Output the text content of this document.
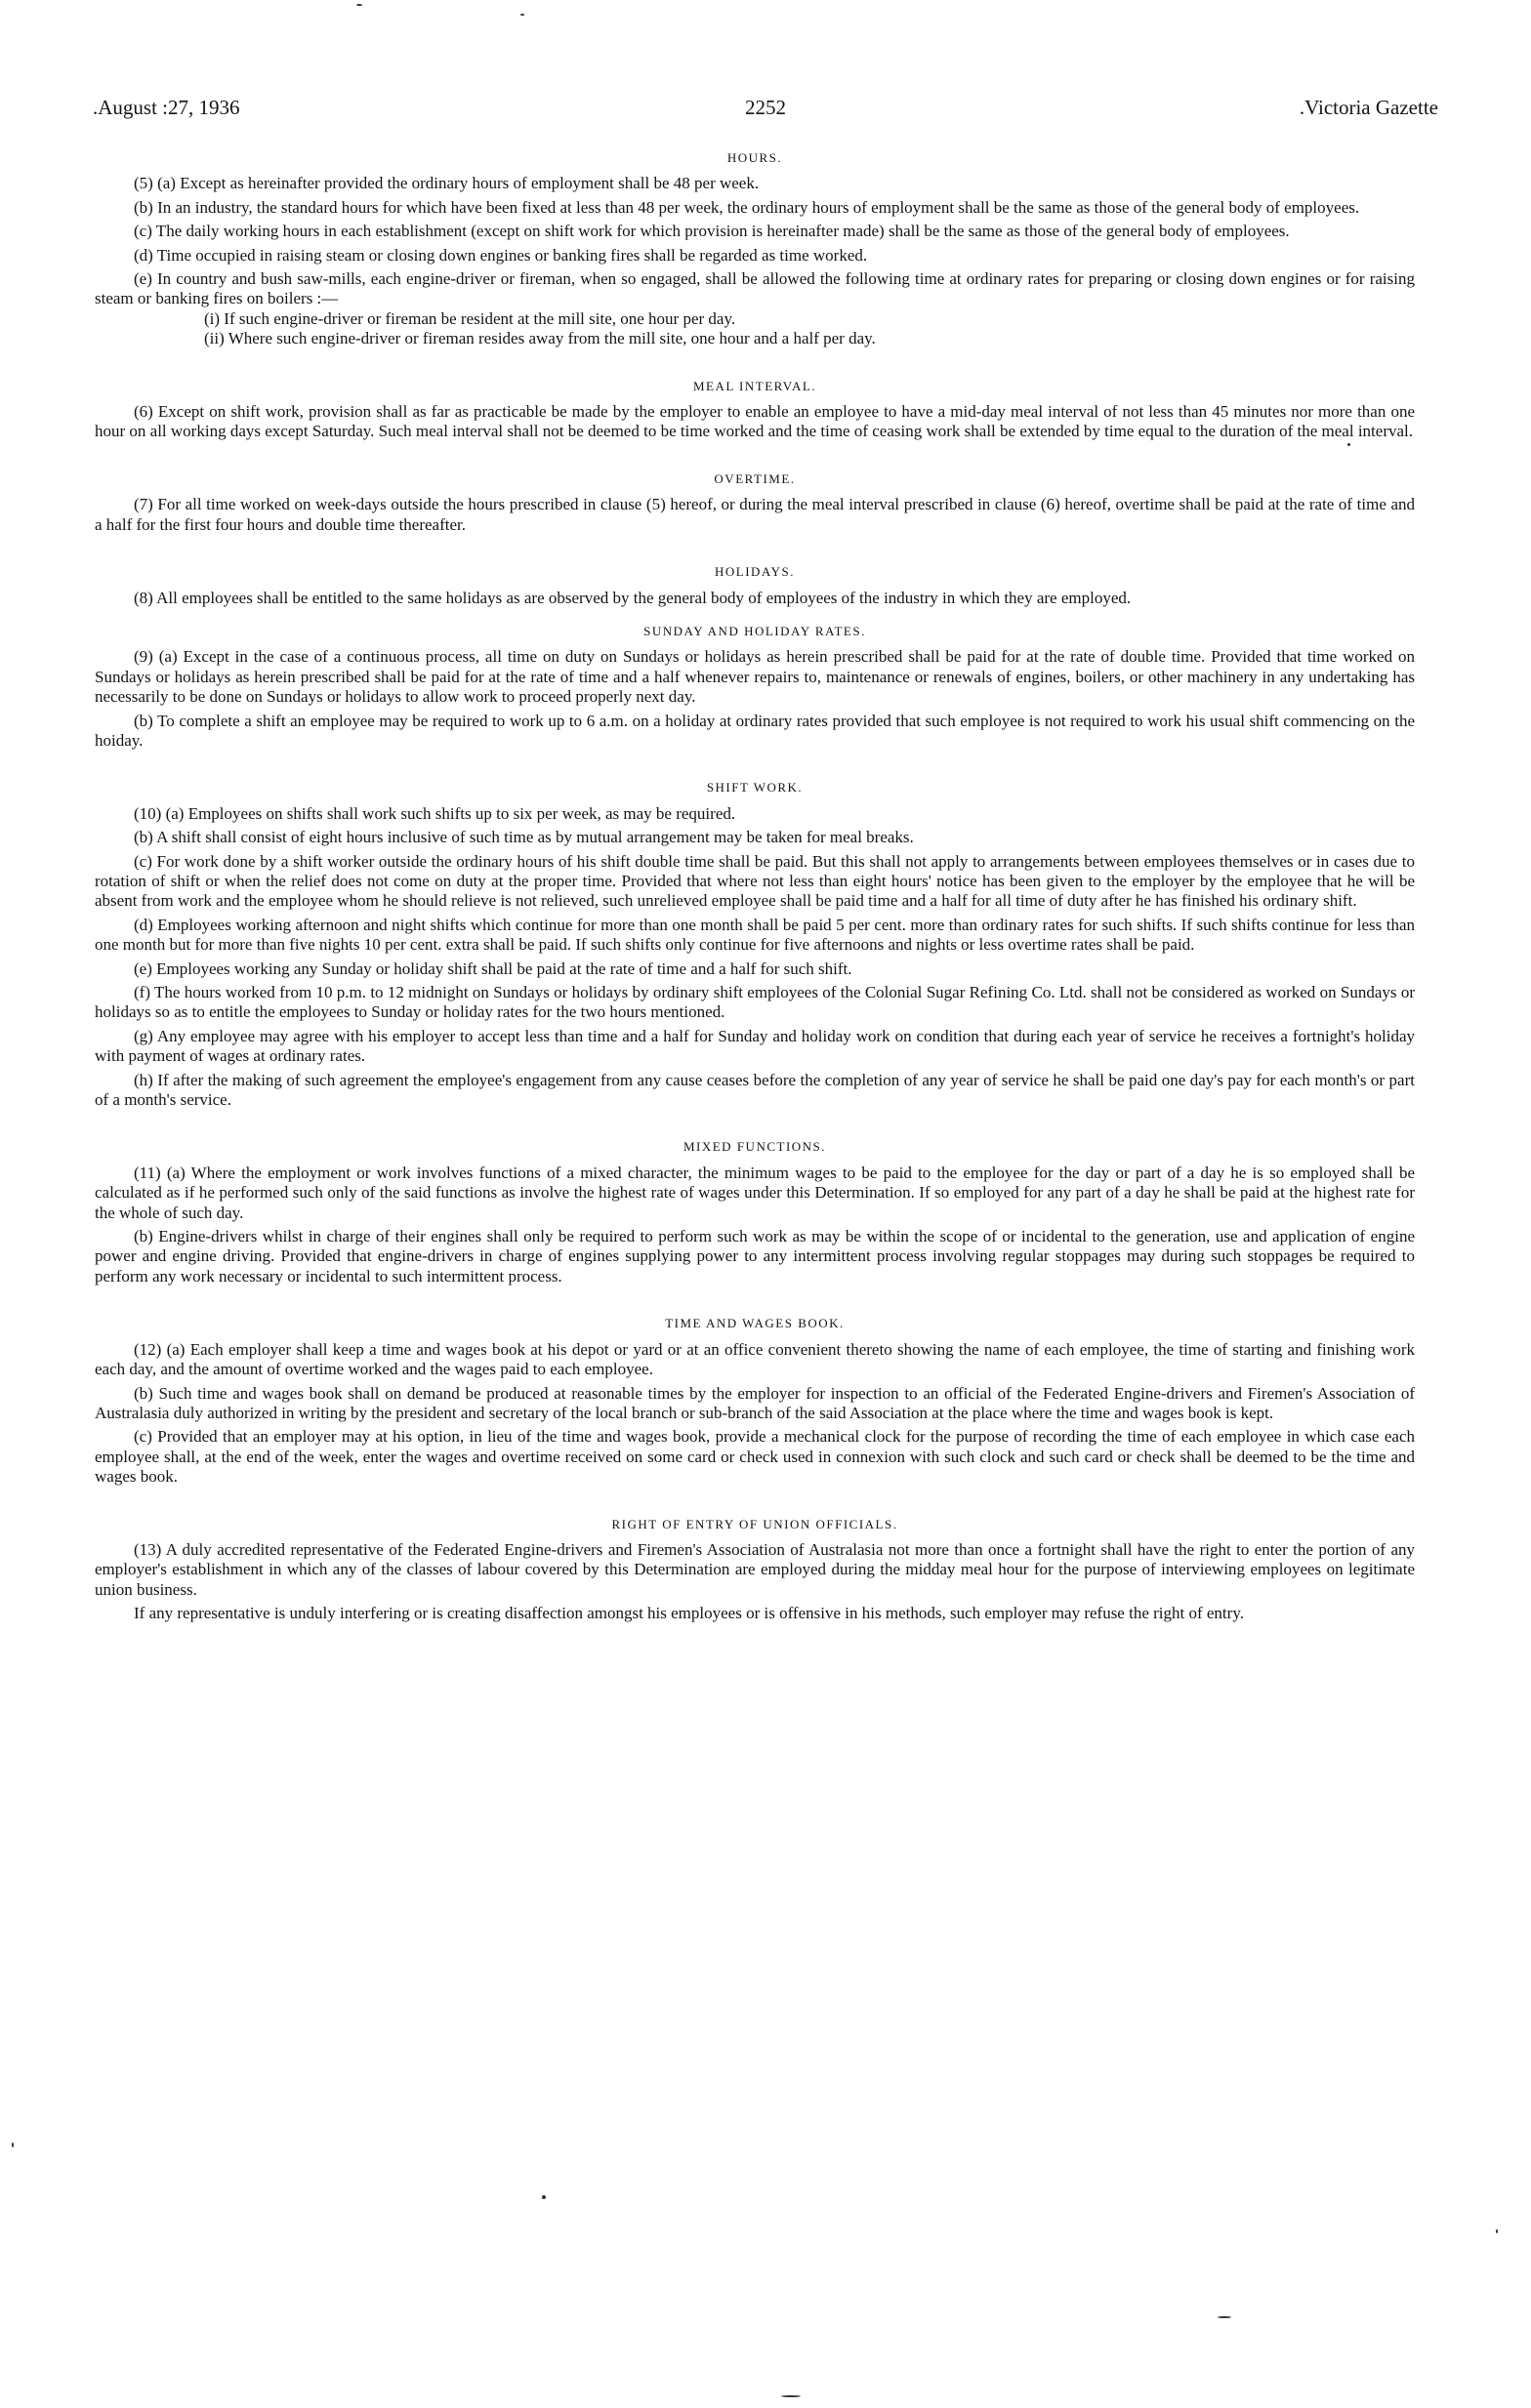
.August :27, 1936	2252	.Victoria Gazette

HOURS.

(5) (a) Except as hereinafter provided the ordinary hours of employment shall be 48 per week.

(b) In an industry, the standard hours for which have been fixed at less than 48 per week, the ordinary hours of employment shall be the same as those of the general body of employees.

(c) The daily working hours in each establishment (except on shift work for which provision is hereinafter made) shall be the same as those of the general body of employees.

(d) Time occupied in raising steam or closing down engines or banking fires shall be regarded as time worked.

(e) In country and bush saw-mills, each engine-driver or fireman, when so engaged, shall be allowed the following time at ordinary rates for preparing or closing down engines or for raising steam or banking fires on boilers :—

(i) If such engine-driver or fireman be resident at the mill site, one hour per day.

(ii) Where such engine-driver or fireman resides away from the mill site, one hour and a half per day.

MEAL INTERVAL.

(6) Except on shift work, provision shall as far as practicable be made by the employer to enable an employee to have a mid-day meal interval of not less than 45 minutes nor more than one hour on all working days except Saturday. Such meal interval shall not be deemed to be time worked and the time of ceasing work shall be extended by time equal to the duration of the meal interval.

OVERTIME.

(7) For all time worked on week-days outside the hours prescribed in clause (5) hereof, or during the meal interval prescribed in clause (6) hereof, overtime shall be paid at the rate of time and a half for the first four hours and double time thereafter.

HOLIDAYS.

(8) All employees shall be entitled to the same holidays as are observed by the general body of employees of the industry in which they are employed.

SUNDAY AND HOLIDAY RATES.

(9) (a) Except in the case of a continuous process, all time on duty on Sundays or holidays as herein prescribed shall be paid for at the rate of double time. Provided that time worked on Sundays or holidays as herein prescribed shall be paid for at the rate of time and a half whenever repairs to, maintenance or renewals of engines, boilers, or other machinery in any undertaking has necessarily to be done on Sundays or holidays to allow work to proceed properly next day.

(b) To complete a shift an employee may be required to work up to 6 a.m. on a holiday at ordinary rates provided that such employee is not required to work his usual shift commencing on the hoiday.

SHIFT WORK.

(10) (a) Employees on shifts shall work such shifts up to six per week, as may be required.

(b) A shift shall consist of eight hours inclusive of such time as by mutual arrangement may be taken for meal breaks.

(c) For work done by a shift worker outside the ordinary hours of his shift double time shall be paid. But this shall not apply to arrangements between employees themselves or in cases due to rotation of shift or when the relief does not come on duty at the proper time. Provided that where not less than eight hours' notice has been given to the employer by the employee that he will be absent from work and the employee whom he should relieve is not relieved, such unrelieved employee shall be paid time and a half for all time of duty after he has finished his ordinary shift.

(d) Employees working afternoon and night shifts which continue for more than one month shall be paid 5 per cent. more than ordinary rates for such shifts. If such shifts continue for less than one month but for more than five nights 10 per cent. extra shall be paid. If such shifts only continue for five afternoons and nights or less overtime rates shall be paid.

(e) Employees working any Sunday or holiday shift shall be paid at the rate of time and a half for such shift.

(f) The hours worked from 10 p.m. to 12 midnight on Sundays or holidays by ordinary shift employees of the Colonial Sugar Refining Co. Ltd. shall not be considered as worked on Sundays or holidays so as to entitle the employees to Sunday or holiday rates for the two hours mentioned.

(g) Any employee may agree with his employer to accept less than time and a half for Sunday and holiday work on condition that during each year of service he receives a fortnight's holiday with payment of wages at ordinary rates.

(h) If after the making of such agreement the employee's engagement from any cause ceases before the completion of any year of service he shall be paid one day's pay for each month's or part of a month's service.

MIXED FUNCTIONS.

(11) (a) Where the employment or work involves functions of a mixed character, the minimum wages to be paid to the employee for the day or part of a day he is so employed shall be calculated as if he performed such only of the said functions as involve the highest rate of wages under this Determination. If so employed for any part of a day he shall be paid at the highest rate for the whole of such day.

(b) Engine-drivers whilst in charge of their engines shall only be required to perform such work as may be within the scope of or incidental to the generation, use and application of engine power and engine driving. Provided that engine-drivers in charge of engines supplying power to any intermittent process involving regular stoppages may during such stoppages be required to perform any work necessary or incidental to such intermittent process.

TIME AND WAGES BOOK.

(12) (a) Each employer shall keep a time and wages book at his depot or yard or at an office convenient thereto showing the name of each employee, the time of starting and finishing work each day, and the amount of overtime worked and the wages paid to each employee.

(b) Such time and wages book shall on demand be produced at reasonable times by the employer for inspection to an official of the Federated Engine-drivers and Firemen's Association of Australasia duly authorized in writing by the president and secretary of the local branch or sub-branch of the said Association at the place where the time and wages book is kept.

(c) Provided that an employer may at his option, in lieu of the time and wages book, provide a mechanical clock for the purpose of recording the time of each employee in which case each employee shall, at the end of the week, enter the wages and overtime received on some card or check used in connexion with such clock and such card or check shall be deemed to be the time and wages book.

RIGHT OF ENTRY OF UNION OFFICIALS.

(13) A duly accredited representative of the Federated Engine-drivers and Firemen's Association of Australasia not more than once a fortnight shall have the right to enter the portion of any employer's establishment in which any of the classes of labour covered by this Determination are employed during the midday meal hour for the purpose of interviewing employees on legitimate union business.

If any representative is unduly interfering or is creating disaffection amongst his employees or is offensive in his methods, such employer may refuse the right of entry.
